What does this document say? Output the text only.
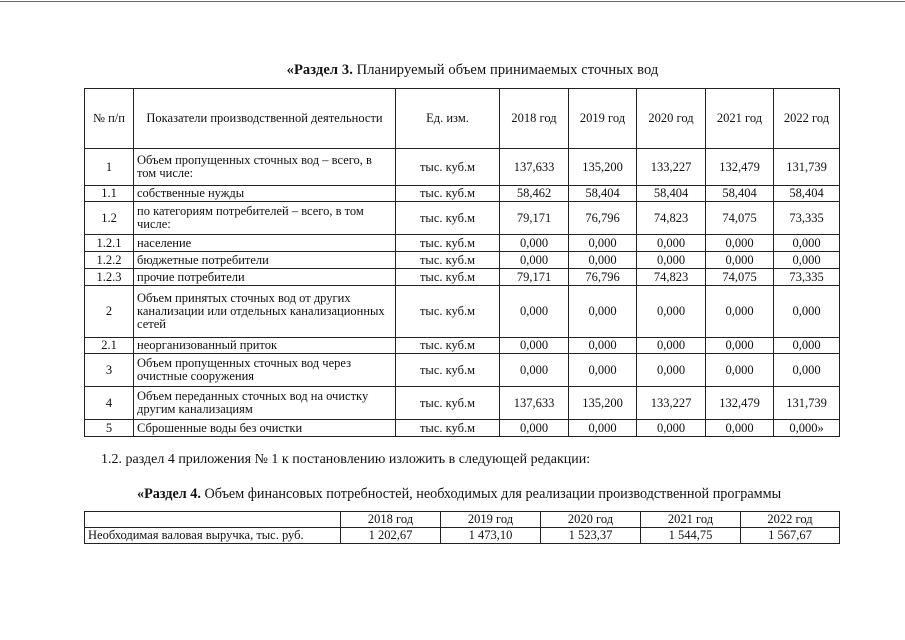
«Раздел 3. Планируемый объем принимаемых сточных вод
№ п/п	Показатели производственной деятельности	Ед. изм.	2018 год	2019 год	2020 год	2021 год	2022 год
1	Объем пропущенных сточных вод – всего, в том числе:	тыс. куб.м	137,633	135,200	133,227	132,479	131,739
1.1	собственные нужды	тыс. куб.м	58,462	58,404	58,404	58,404	58,404
1.2	по категориям потребителей – всего, в том числе:	тыс. куб.м	79,171	76,796	74,823	74,075	73,335
1.2.1	население	тыс. куб.м	0,000	0,000	0,000	0,000	0,000
1.2.2	бюджетные потребители	тыс. куб.м	0,000	0,000	0,000	0,000	0,000
1.2.3	прочие потребители	тыс. куб.м	79,171	76,796	74,823	74,075	73,335
2	Объем принятых сточных вод от других канализации или отдельных канализационных сетей	тыс. куб.м	0,000	0,000	0,000	0,000	0,000
2.1	неорганизованный приток	тыс. куб.м	0,000	0,000	0,000	0,000	0,000
3	Объем пропущенных сточных вод через очистные сооружения	тыс. куб.м	0,000	0,000	0,000	0,000	0,000
4	Объем переданных сточных вод на очистку другим канализациям	тыс. куб.м	137,633	135,200	133,227	132,479	131,739
5	Сброшенные воды без очистки	тыс. куб.м	0,000	0,000	0,000	0,000	0,000»
1.2. раздел 4 приложения № 1 к постановлению изложить в следующей редакции:
«Раздел 4. Объем финансовых потребностей, необходимых для реализации производственной программы
	2018 год	2019 год	2020 год	2021 год	2022 год
Необходимая валовая выручка, тыс. руб.	1 202,67	1 473,10	1 523,37	1 544,75	1 567,67
